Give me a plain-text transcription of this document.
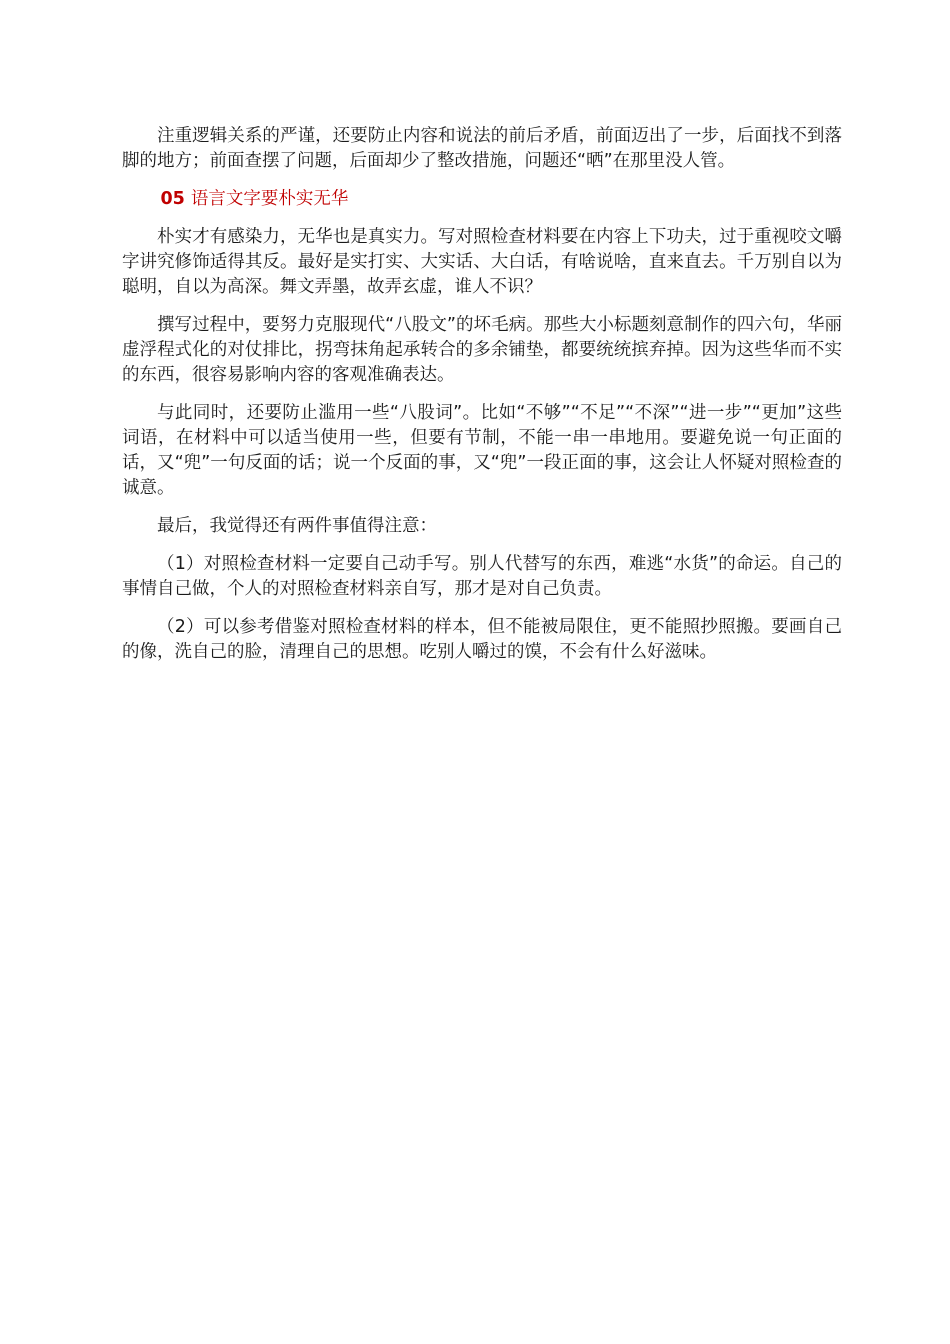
注重逻辑关系的严谨，还要防止内容和说法的前后矛盾，前面迈出了一步，后面找不到落脚的地方；前面查摆了问题，后面却少了整改措施，问题还“晒”在那里没人管。

05 语言文字要朴实无华

朴实才有感染力，无华也是真实力。写对照检查材料要在内容上下功夫，过于重视咬文嚼字讲究修饰适得其反。最好是实打实、大实话、大白话，有啥说啥，直来直去。千万别自以为聪明，自以为高深。舞文弄墨，故弄玄虚，谁人不识？

撰写过程中，要努力克服现代“八股文”的坏毛病。那些大小标题刻意制作的四六句，华丽虚浮程式化的对仗排比，拐弯抹角起承转合的多余铺垫，都要统统摈弃掉。因为这些华而不实的东西，很容易影响内容的客观准确表达。

与此同时，还要防止滥用一些“八股词”。比如“不够”“不足”“不深”“进一步”“更加”这些词语，在材料中可以适当使用一些，但要有节制，不能一串一串地用。要避免说一句正面的话，又“兜”一句反面的话；说一个反面的事，又“兜”一段正面的事，这会让人怀疑对照检查的诚意。

最后，我觉得还有两件事值得注意：

（1）对照检查材料一定要自己动手写。别人代替写的东西，难逃“水货”的命运。自己的事情自己做，个人的对照检查材料亲自写，那才是对自己负责。

（2）可以参考借鉴对照检查材料的样本，但不能被局限住，更不能照抄照搬。要画自己的像，洗自己的脸，清理自己的思想。吃别人嚼过的馍，不会有什么好滋味。
